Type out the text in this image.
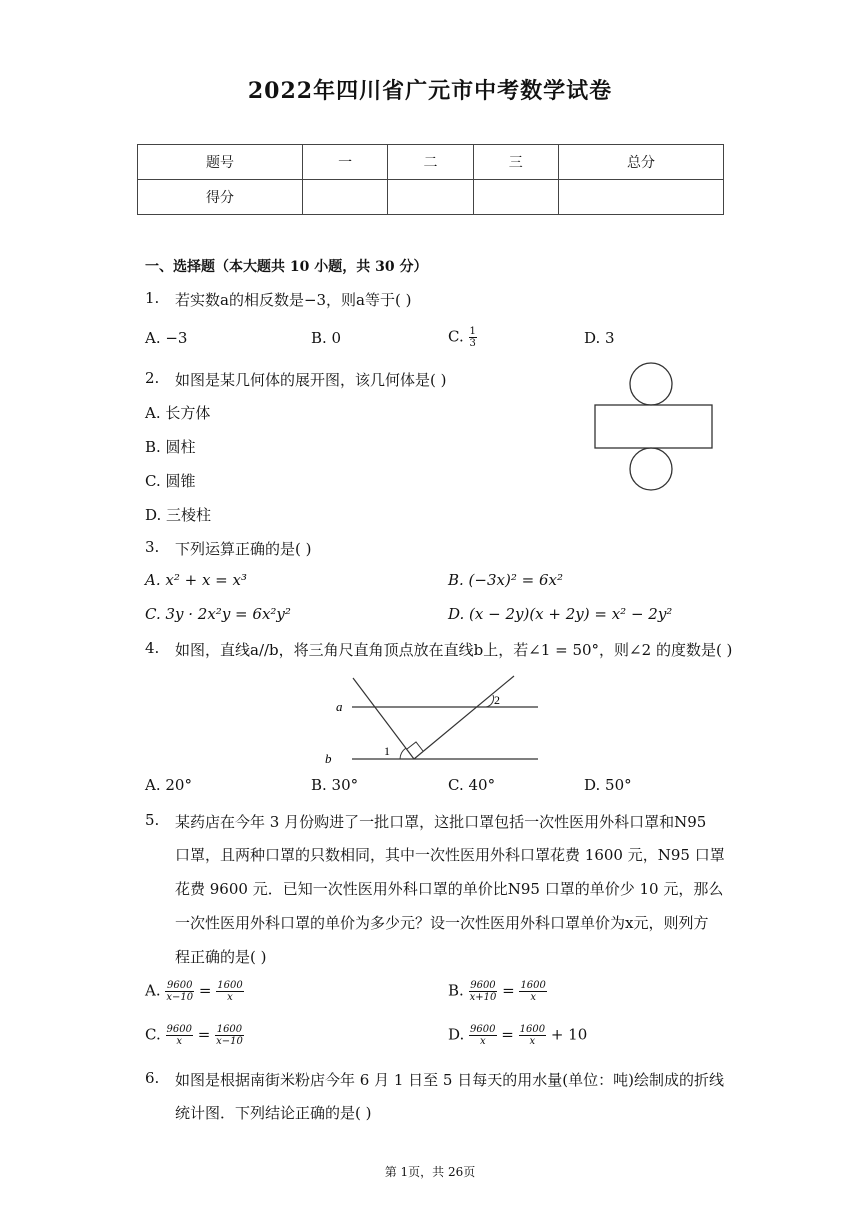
2022年四川省广元市中考数学试卷
题号	一	二	三	总分
得分				
一、选择题（本大题共 10 小题，共 30 分）
1. 若实数a的相反数是−3，则a等于( )
A. −3	B. 0	C. $\frac{1}{3}$	D. 3
2. 如图是某几何体的展开图，该几何体是( )
A. 长方体
B. 圆柱
C. 圆锥
D. 三棱柱
3. 下列运算正确的是( )
A. x² + x = x³	B. (−3x)² = 6x²
C. 3y · 2x²y = 6x²y²	D. (x − 2y)(x + 2y) = x² − 2y²
4. 如图，直线a//b，将三角尺直角顶点放在直线b上，若∠1 = 50°，则∠2 的度数是( )
a
b	1
2
A. 20°	B. 30°	C. 40°	D. 50°
5. 某药店在今年 3 月份购进了一批口罩，这批口罩包括一次性医用外科口罩和N95
口罩，且两种口罩的只数相同，其中一次性医用外科口罩花费 1600 元，N95 口罩
花费 9600 元．已知一次性医用外科口罩的单价比N95 口罩的单价少 10 元，那么
一次性医用外科口罩的单价为多少元？设一次性医用外科口罩单价为x元，则列方
程正确的是( )
A. $\frac{9600}{x-10} = \frac{1600}{x}$	B. $\frac{9600}{x+10} = \frac{1600}{x}$
C. $\frac{9600}{x} = \frac{1600}{x-10}$	D. $\frac{9600}{x} = \frac{1600}{x} + 10$
6. 如图是根据南街米粉店今年 6 月 1 日至 5 日每天的用水量(单位：吨)绘制成的折线
统计图．下列结论正确的是( )
第 1页，共 26页
